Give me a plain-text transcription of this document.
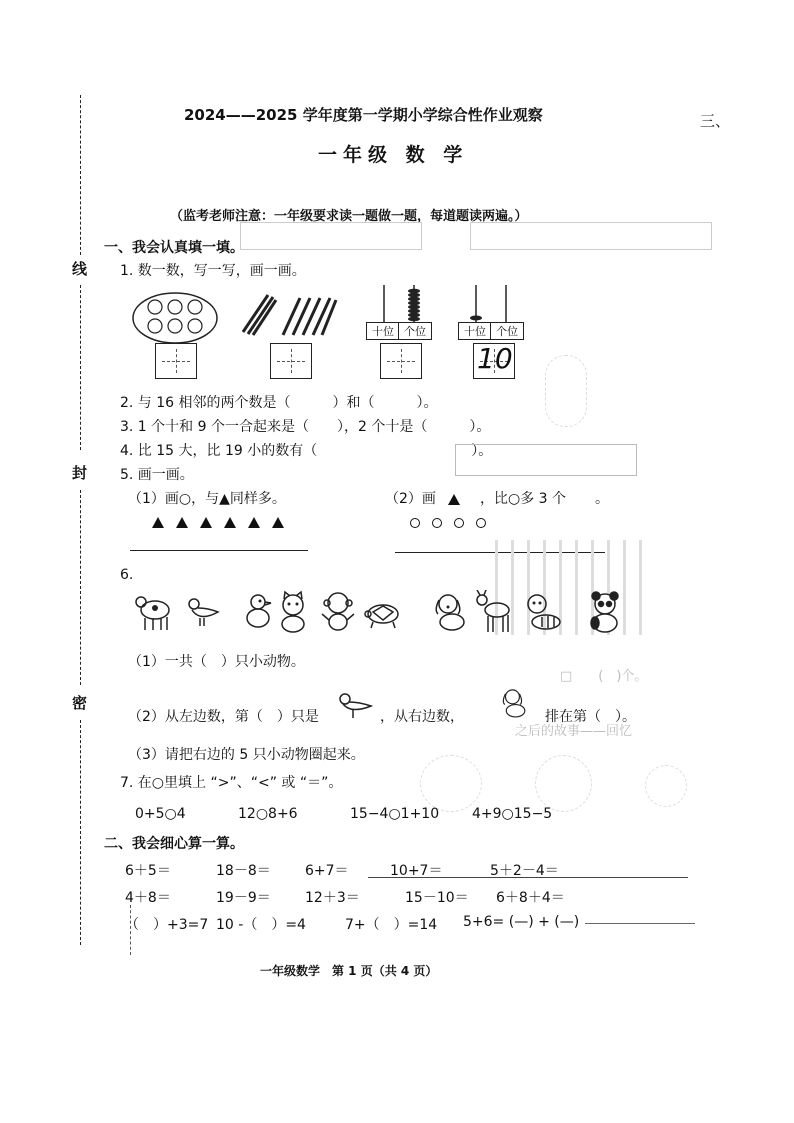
线
封
密
2024——2025 学年度第一学期小学综合性作业观察	三、
一年级 数 学
（监考老师注意：一年级要求读一题做一题，每道题读两遍。）
一、我会认真填一填。
1. 数一数，写一写，画一画。
十位 个位	十位 个位
10
2. 与 16 相邻的两个数是（　　　）和（　　　）。
3. 1 个十和 9 个一合起来是（　　），2 个十是（　　　）。
4. 比 15 大，比 19 小的数有（　　　　　　　　　　　）。
5. 画一画。
（1）画○，与▲同样多。	（2）画	，比○多 3 个 。
6.
（1）一共（　）只小动物。
（2）从左边数，第（　）只是	，从右边数，	排在第（　）。
（3）请把右边的 5 只小动物圈起来。
□　　(　)个。
之后的故事——回忆
7. 在○里填上 “>”、“<” 或 “＝”。
0+5○4	12○8+6	15−4○1+10 4+9○15−5
二、我会细心算一算。
6＋5＝	18－8＝ 6+7＝	10+7＝	5＋2－4＝
4＋8＝	19－9＝ 12＋3＝	15－10＝ 6＋8＋4＝
（　）+3=7 10 -（　）=4	7+（　）=14 5+6= (—) + (—)
一年级数学　第 1 页（共 4 页）
